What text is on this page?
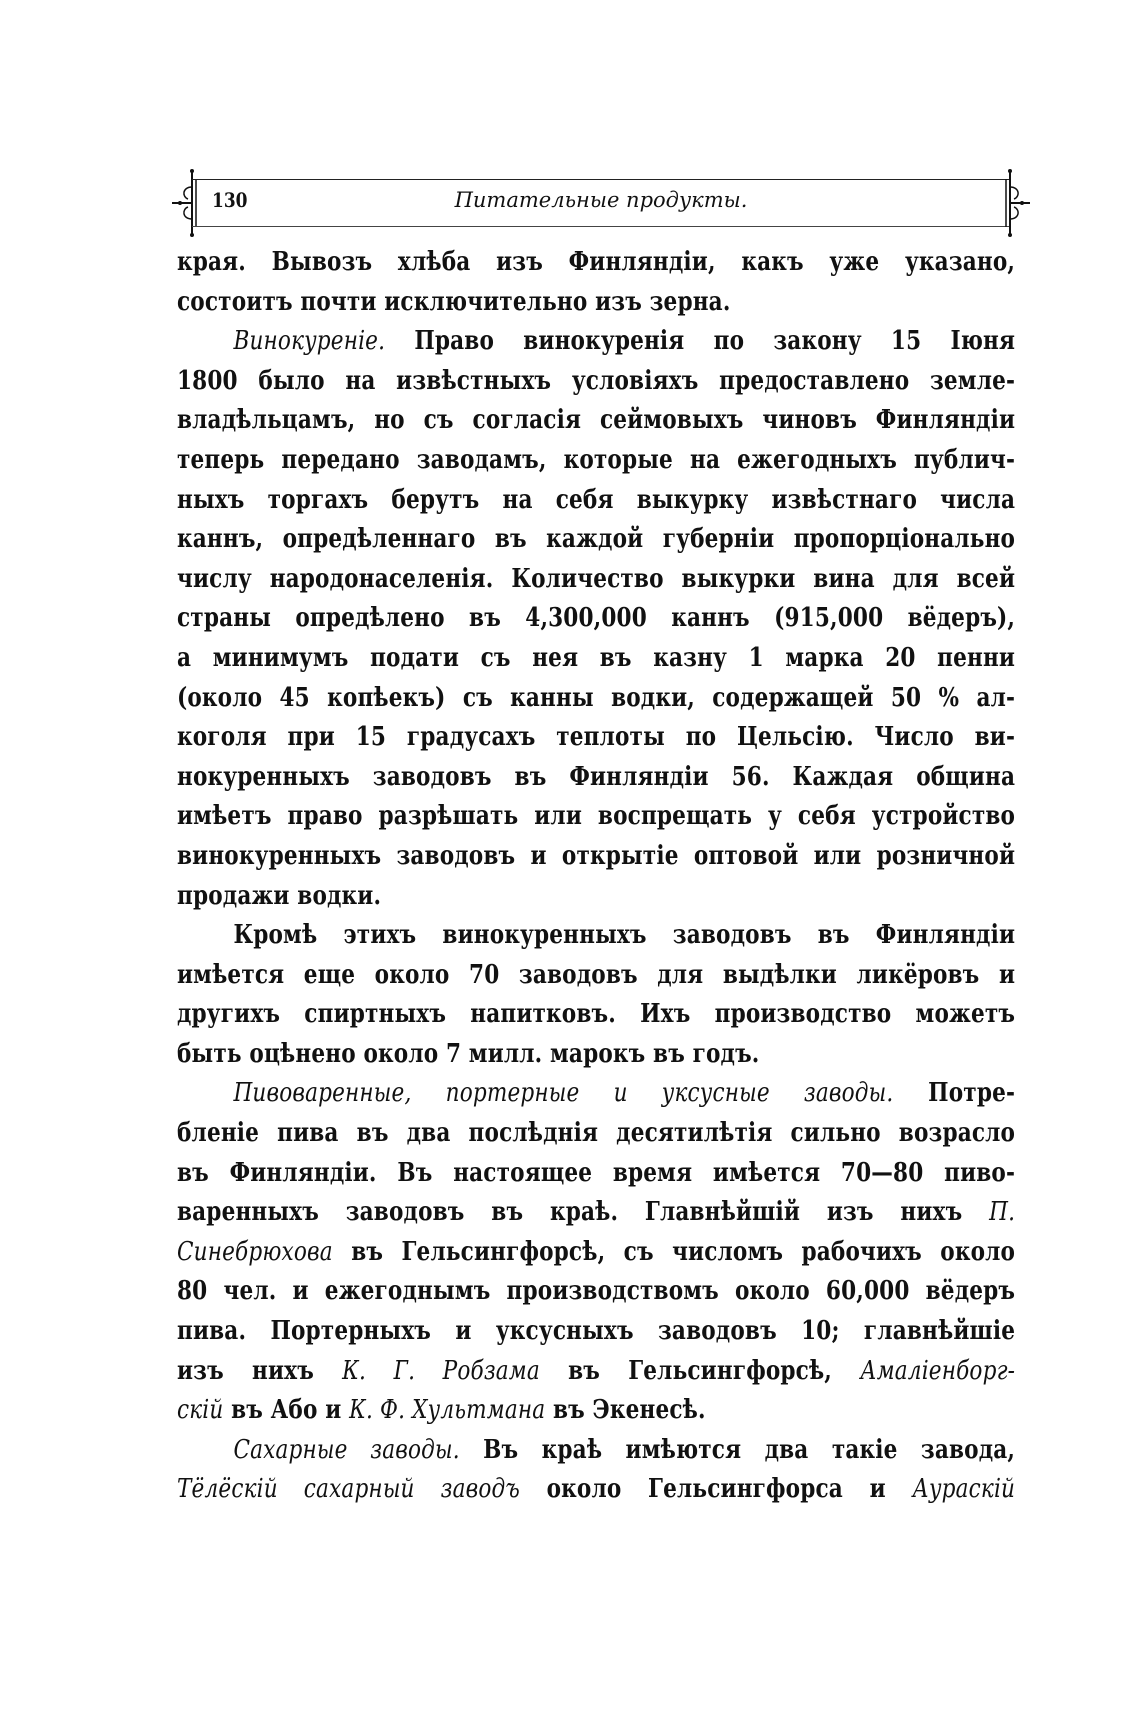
130	Питательные продукты.
края. Вывозъ хлѣба изъ Финляндіи, какъ уже указано,
состоитъ почти исключительно изъ зерна.
Винокуреніе. Право винокуренія по закону 15 Іюня
1800 было на извѣстныхъ условіяхъ предоставлено земле-
владѣльцамъ, но съ согласія сеймовыхъ чиновъ Финляндіи
теперь передано заводамъ, которые на ежегодныхъ публич-
ныхъ торгахъ берутъ на себя выкурку извѣстнаго числа
каннъ, опредѣленнаго въ каждой губерніи пропорціонально
числу народонаселенія. Количество выкурки вина для всей
страны опредѣлено въ 4,300,000 каннъ (915,000 вёдеръ),
а минимумъ подати съ нея въ казну 1 марка 20 пенни
(около 45 копѣекъ) съ канны водки, содержащей 50 % ал-
коголя при 15 градусахъ теплоты по Цельсію. Число ви-
нокуренныхъ заводовъ въ Финляндіи 56. Каждая община
имѣетъ право разрѣшать или воспрещать у себя устройство
винокуренныхъ заводовъ и открытіе оптовой или розничной
продажи водки.
Кромѣ этихъ винокуренныхъ заводовъ въ Финляндіи
имѣется еще около 70 заводовъ для выдѣлки ликёровъ и
другихъ спиртныхъ напитковъ. Ихъ производство можетъ
быть оцѣнено около 7 милл. марокъ въ годъ.
Пивоваренные, портерные и уксусные заводы. Потре-
бленіе пива въ два послѣднія десятилѣтія сильно возрасло
въ Финляндіи. Въ настоящее время имѣется 70—80 пиво-
варенныхъ заводовъ въ краѣ. Главнѣйшій изъ нихъ П.
Синебрюхова въ Гельсингфорсѣ, съ числомъ рабочихъ около
80 чел. и ежегоднымъ производствомъ около 60,000 вёдеръ
пива. Портерныхъ и уксусныхъ заводовъ 10; главнѣйшіе
изъ нихъ К. Г. Робзама въ Гельсингфорсѣ, Амаліенборг-
скій въ Або и К. Ф. Хультмана въ Экенесѣ.
Сахарные заводы. Въ краѣ имѣются два такіе завода,
Тёлёскій сахарный заводъ около Гельсингфорса и Аураскій
